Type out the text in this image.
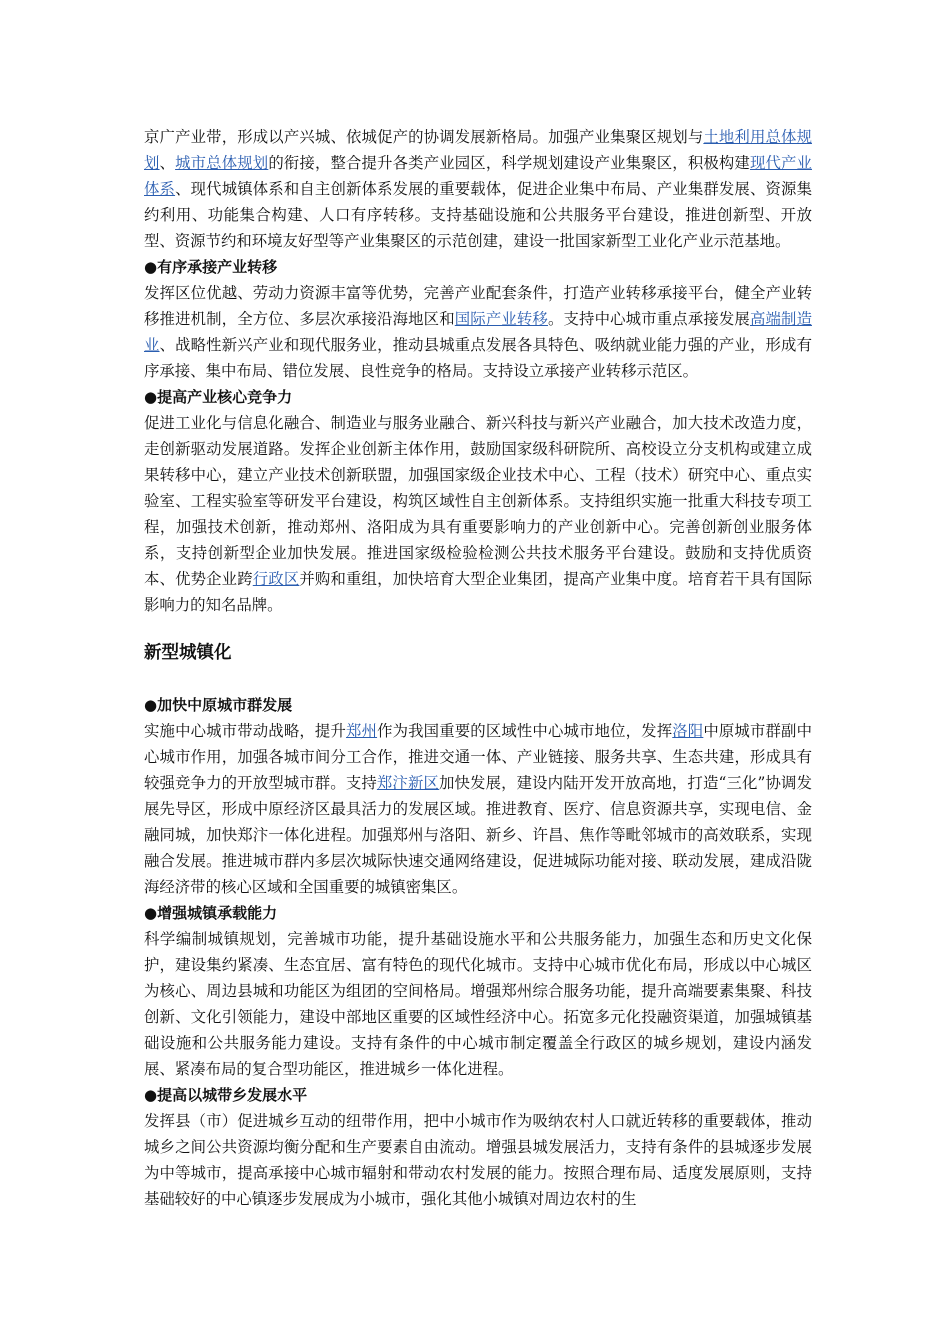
京广产业带，形成以产兴城、依城促产的协调发展新格局。加强产业集聚区规划与土地利用总体规划、城市总体规划的衔接，整合提升各类产业园区，科学规划建设产业集聚区，积极构建现代产业体系、现代城镇体系和自主创新体系发展的重要载体，促进企业集中布局、产业集群发展、资源集约利用、功能集合构建、人口有序转移。支持基础设施和公共服务平台建设，推进创新型、开放型、资源节约和环境友好型等产业集聚区的示范创建，建设一批国家新型工业化产业示范基地。

●有序承接产业转移

发挥区位优越、劳动力资源丰富等优势，完善产业配套条件，打造产业转移承接平台，健全产业转移推进机制，全方位、多层次承接沿海地区和国际产业转移。支持中心城市重点承接发展高端制造业、战略性新兴产业和现代服务业，推动县城重点发展各具特色、吸纳就业能力强的产业，形成有序承接、集中布局、错位发展、良性竞争的格局。支持设立承接产业转移示范区。

●提高产业核心竞争力

促进工业化与信息化融合、制造业与服务业融合、新兴科技与新兴产业融合，加大技术改造力度，走创新驱动发展道路。发挥企业创新主体作用，鼓励国家级科研院所、高校设立分支机构或建立成果转移中心，建立产业技术创新联盟，加强国家级企业技术中心、工程（技术）研究中心、重点实验室、工程实验室等研发平台建设，构筑区域性自主创新体系。支持组织实施一批重大科技专项工程，加强技术创新，推动郑州、洛阳成为具有重要影响力的产业创新中心。完善创新创业服务体系，支持创新型企业加快发展。推进国家级检验检测公共技术服务平台建设。鼓励和支持优质资本、优势企业跨行政区并购和重组，加快培育大型企业集团，提高产业集中度。培育若干具有国际影响力的知名品牌。

新型城镇化
●加快中原城市群发展

实施中心城市带动战略，提升郑州作为我国重要的区域性中心城市地位，发挥洛阳中原城市群副中心城市作用，加强各城市间分工合作，推进交通一体、产业链接、服务共享、生态共建，形成具有较强竞争力的开放型城市群。支持郑汴新区加快发展，建设内陆开发开放高地，打造“三化”协调发展先导区，形成中原经济区最具活力的发展区域。推进教育、医疗、信息资源共享，实现电信、金融同城，加快郑汴一体化进程。加强郑州与洛阳、新乡、许昌、焦作等毗邻城市的高效联系，实现融合发展。推进城市群内多层次城际快速交通网络建设，促进城际功能对接、联动发展，建成沿陇海经济带的核心区域和全国重要的城镇密集区。

●增强城镇承载能力

科学编制城镇规划，完善城市功能，提升基础设施水平和公共服务能力，加强生态和历史文化保护，建设集约紧凑、生态宜居、富有特色的现代化城市。支持中心城市优化布局，形成以中心城区为核心、周边县城和功能区为组团的空间格局。增强郑州综合服务功能，提升高端要素集聚、科技创新、文化引领能力，建设中部地区重要的区域性经济中心。拓宽多元化投融资渠道，加强城镇基础设施和公共服务能力建设。支持有条件的中心城市制定覆盖全行政区的城乡规划，建设内涵发展、紧凑布局的复合型功能区，推进城乡一体化进程。

●提高以城带乡发展水平

发挥县（市）促进城乡互动的纽带作用，把中小城市作为吸纳农村人口就近转移的重要载体，推动城乡之间公共资源均衡分配和生产要素自由流动。增强县城发展活力，支持有条件的县城逐步发展为中等城市，提高承接中心城市辐射和带动农村发展的能力。按照合理布局、适度发展原则，支持基础较好的中心镇逐步发展成为小城市，强化其他小城镇对周边农村的生
